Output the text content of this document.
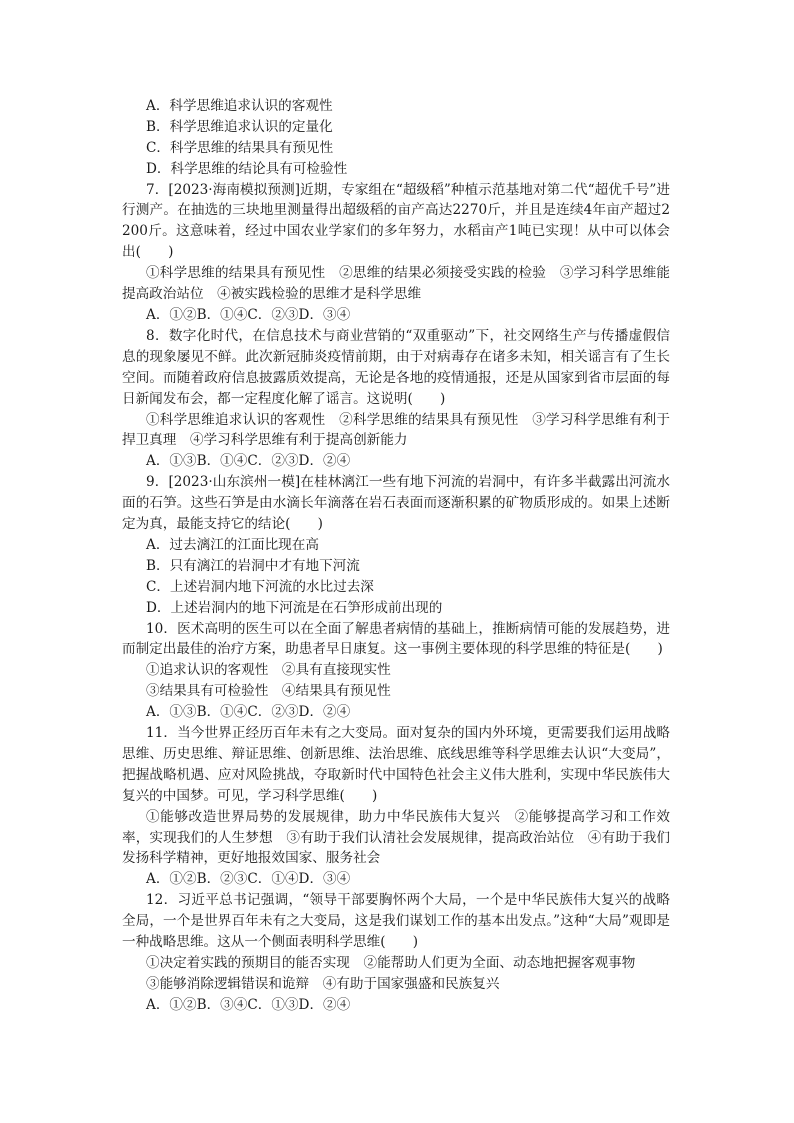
A．科学思维追求认识的客观性
B．科学思维追求认识的定量化
C．科学思维的结果具有预见性
D．科学思维的结论具有可检验性
7．[2023·海南模拟预测]近期，专家组在“超级稻”种植示范基地对第二代“超优千号”进行测产。在抽选的三块地里测量得出超级稻的亩产高达2270斤，并且是连续4年亩产超过2200斤。这意味着，经过中国农业学家们的多年努力，水稻亩产1吨已实现！从中可以体会出(　　)
①科学思维的结果具有预见性　②思维的结果必须接受实践的检验　③学习科学思维能提高政治站位　④被实践检验的思维才是科学思维
A．①②B．①④C．②③D．③④
8．数字化时代，在信息技术与商业营销的“双重驱动”下，社交网络生产与传播虚假信息的现象屡见不鲜。此次新冠肺炎疫情前期，由于对病毒存在诸多未知，相关谣言有了生长空间。而随着政府信息披露质效提高，无论是各地的疫情通报，还是从国家到省市层面的每日新闻发布会，都一定程度化解了谣言。这说明(　　)
①科学思维追求认识的客观性　②科学思维的结果具有预见性　③学习科学思维有利于捍卫真理　④学习科学思维有利于提高创新能力
A．①③B．①④C．②③D．②④
9．[2023·山东滨州一模]在桂林漓江一些有地下河流的岩洞中，有许多半截露出河流水面的石笋。这些石笋是由水滴长年滴落在岩石表面而逐渐积累的矿物质形成的。如果上述断定为真，最能支持它的结论(　　)
A．过去漓江的江面比现在高
B．只有漓江的岩洞中才有地下河流
C．上述岩洞内地下河流的水比过去深
D．上述岩洞内的地下河流是在石笋形成前出现的
10．医术高明的医生可以在全面了解患者病情的基础上，推断病情可能的发展趋势，进而制定出最佳的治疗方案，助患者早日康复。这一事例主要体现的科学思维的特征是(　　)
①追求认识的客观性　②具有直接现实性
③结果具有可检验性　④结果具有预见性
A．①③B．①④C．②③D．②④
11．当今世界正经历百年未有之大变局。面对复杂的国内外环境，更需要我们运用战略思维、历史思维、辩证思维、创新思维、法治思维、底线思维等科学思维去认识“大变局”，把握战略机遇、应对风险挑战，夺取新时代中国特色社会主义伟大胜利，实现中华民族伟大复兴的中国梦。可见，学习科学思维(　　)
①能够改造世界局势的发展规律，助力中华民族伟大复兴　②能够提高学习和工作效率，实现我们的人生梦想　③有助于我们认清社会发展规律，提高政治站位　④有助于我们发扬科学精神，更好地报效国家、服务社会
A．①②B．②③C．①④D．③④
12．习近平总书记强调，“领导干部要胸怀两个大局，一个是中华民族伟大复兴的战略全局，一个是世界百年未有之大变局，这是我们谋划工作的基本出发点。”这种“大局”观即是一种战略思维。这从一个侧面表明科学思维(　　)
①决定着实践的预期目的能否实现　②能帮助人们更为全面、动态地把握客观事物
③能够消除逻辑错误和诡辩　④有助于国家强盛和民族复兴
A．①②B．③④C．①③D．②④
